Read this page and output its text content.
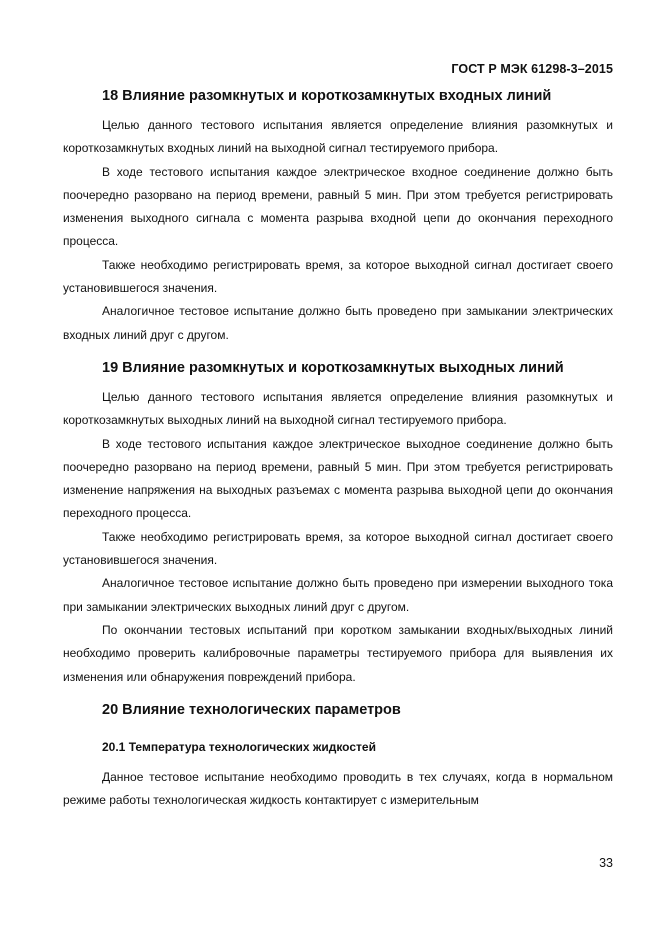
ГОСТ Р МЭК 61298-3–2015
18 Влияние разомкнутых и короткозамкнутых входных линий

Целью данного тестового испытания является определение влияния разомкнутых и короткозамкнутых входных линий на выходной сигнал тестируемого прибора.

В ходе тестового испытания каждое электрическое входное соединение должно быть поочередно разорвано на период времени, равный 5 мин. При этом требуется регистрировать изменения выходного сигнала с момента разрыва входной цепи до окончания переходного процесса.

Также необходимо регистрировать время, за которое выходной сигнал достигает своего установившегося значения.

Аналогичное тестовое испытание должно быть проведено при замыкании электрических входных линий друг с другом.

19 Влияние разомкнутых и короткозамкнутых выходных линий

Целью данного тестового испытания является определение влияния разомкнутых и короткозамкнутых выходных линий на выходной сигнал тестируемого прибора.

В ходе тестового испытания каждое электрическое выходное соединение должно быть поочередно разорвано на период времени, равный 5 мин. При этом требуется регистрировать изменение напряжения на выходных разъемах с момента разрыва выходной цепи до окончания переходного процесса.

Также необходимо регистрировать время, за которое выходной сигнал достигает своего установившегося значения.

Аналогичное тестовое испытание должно быть проведено при измерении выходного тока при замыкании электрических выходных линий друг с другом.

По окончании тестовых испытаний при коротком замыкании входных/выходных линий необходимо проверить калибровочные параметры тестируемого прибора для выявления их изменения или обнаружения повреждений прибора.

20 Влияние технологических параметров
20.1 Температура технологических жидкостей

Данное тестовое испытание необходимо проводить в тех случаях, когда в нормальном режиме работы технологическая жидкость контактирует с измерительным

33
